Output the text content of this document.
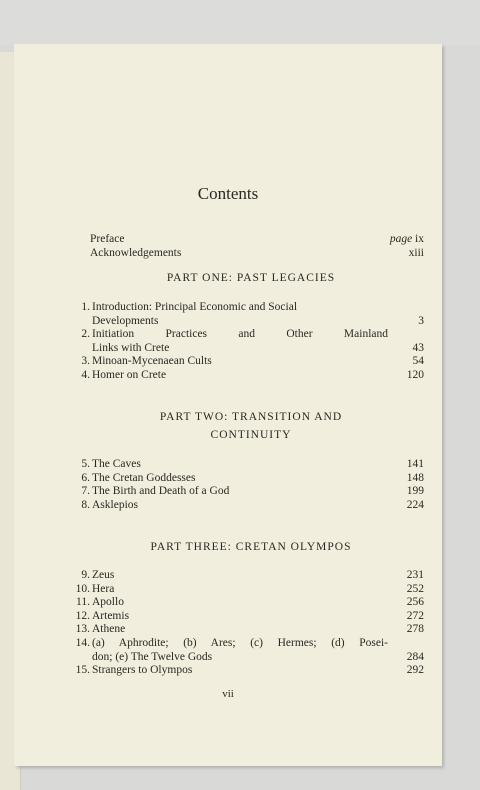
Contents
Preface	page ix
Acknowledgements	xiii
PART ONE: PAST LEGACIES
1. Introduction: Principal Economic and Social
Developments	3
2. Initiation Practices and Other Mainland
Links with Crete	43
3. Minoan-Mycenaean Cults	54
4. Homer on Crete	120
PART TWO: TRANSITION AND
CONTINUITY
5. The Caves	141
6. The Cretan Goddesses	148
7. The Birth and Death of a God	199
8. Asklepios	224
PART THREE: CRETAN OLYMPOS
9. Zeus	231
10. Hera	252
11. Apollo	256
12. Artemis	272
13. Athene	278
14. (a) Aphrodite; (b) Ares; (c) Hermes; (d) Posei-
don; (e) The Twelve Gods	284
15. Strangers to Olympos	292
vii
